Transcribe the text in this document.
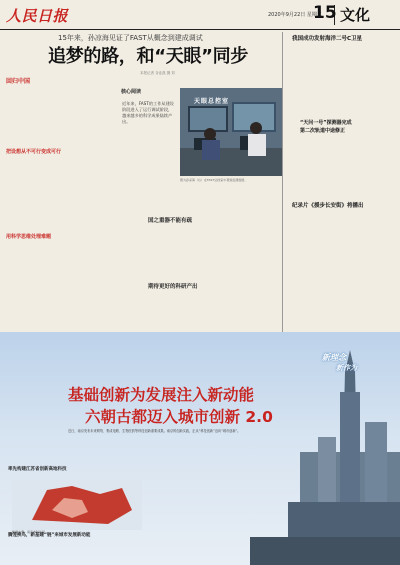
人民日报	2020年9月22日 星期二
15 文化
15年来，孙凉海见证了FAST从概念到建成调试
追梦的路，和“天眼”同步
本报记者 谷业凯 摄 刘
回归中国
把设想从不可行变成可行
用科学思维处理难题
核心阅读
近年来，FAST的工作从建设阶段进入了运行调试阶段，越来越多的科学成果陆续产出。
天眼总控室
图为孙凉海（右）在FAST总控室中观察监测数据。
国之重器不能有疏
期待更好的科研产出
我国成功发射海洋二号C卫星
“天问一号”探测器完成
第二次轨道中途修正
纪录片《援步长安街》将播出
新理念
新作为
基础创新为发展注入新动能
六朝古都迈入城市创新 2.0
近日，南京发布未来网络、集成电路、生物医药等科技创新重要成果。南京的创新实践，正从“科技创新”迈向“城市创新”。
率先构建江苏省创新高地科技
数据来源：南京市科技局
腾笼换鸟，新基建“链”来城市发展新动能
